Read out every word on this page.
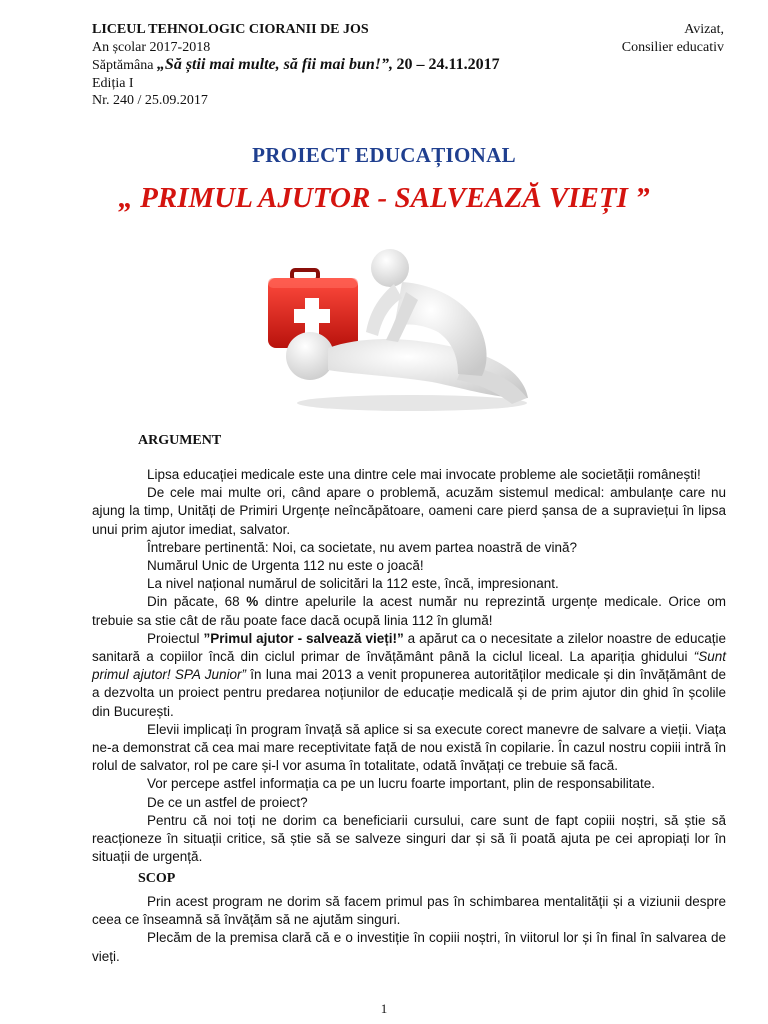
LICEUL TEHNOLOGIC CIORANII DE JOS
An școlar 2017-2018
Săptămâna „Să știi mai multe, să fii mai bun!”, 20 – 24.11.2017
Ediția I
Nr. 240 / 25.09.2017
Avizat,
Consilier educativ
PROIECT EDUCAȚIONAL
„ PRIMUL AJUTOR - SALVEAZĂ VIEȚI ”
ARGUMENT

Lipsa educației medicale este una dintre cele mai invocate probleme ale societății românești!

De cele mai multe ori, când apare o problemă, acuzăm sistemul medical: ambulanțe care nu ajung la timp, Unități de Primiri Urgențe neîncăpătoare, oameni care pierd șansa de a supraviețui în lipsa unui prim ajutor imediat, salvator.

Întrebare pertinentă: Noi, ca societate, nu avem partea noastră de vină?

Numărul Unic de Urgenta 112 nu este o joacă!

La nivel național numărul de solicitări la 112 este, încă, impresionant.

Din păcate, 68 % dintre apelurile la acest număr nu reprezintă urgențe medicale. Orice om trebuie sa stie cât de rău poate face dacă ocupă linia 112 în glumă!

Proiectul ”Primul ajutor - salvează vieți!” a apărut ca o necesitate a zilelor noastre de educație sanitară a copiilor încă din ciclul primar de învățământ până la ciclul liceal. La apariția ghidului “Sunt primul ajutor! SPA Junior” în luna mai 2013 a venit propunerea autorităților medicale și din învățământ de a dezvolta un proiect pentru predarea noțiunilor de educație medicală și de prim ajutor din ghid în școlile din București.

Elevii implicați în program învață să aplice si sa execute corect manevre de salvare a vieții. Viața ne-a demonstrat că cea mai mare receptivitate față de nou există în copilarie. În cazul nostru copiii intră în rolul de salvator, rol pe care și-l vor asuma în totalitate, odată învățați ce trebuie să facă.

Vor percepe astfel informația ca pe un lucru foarte important, plin de responsabilitate.

De ce un astfel de proiect?

Pentru că noi toți ne dorim ca beneficiarii cursului, care sunt de fapt copiii noștri, să știe să reacționeze în situații critice, să știe să se salveze singuri dar și să îi poată ajuta pe cei apropiați lor în situații de urgență.

SCOP

Prin acest program ne dorim să facem primul pas în schimbarea mentalității și a viziunii despre ceea ce înseamnă să învățăm să ne ajutăm singuri.

Plecăm de la premisa clară că e o investiție în copiii noștri, în viitorul lor și în final în salvarea de vieți.

1
